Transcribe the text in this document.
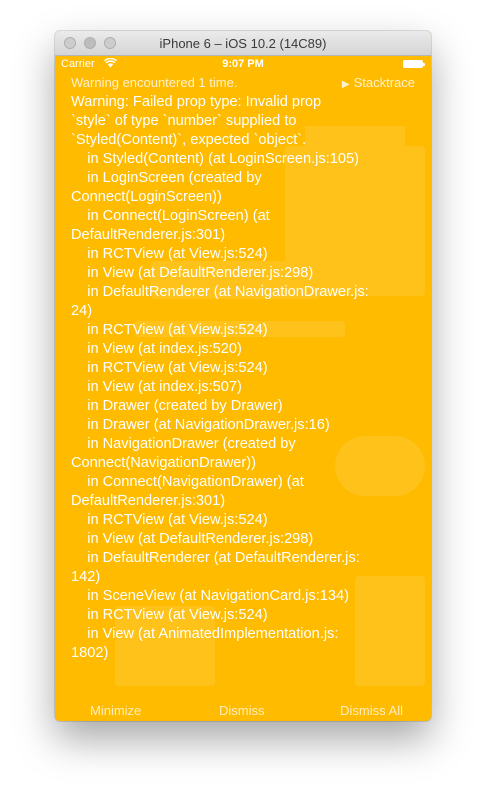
iPhone 6 – iOS 10.2 (14C89)
Carrier	9:07 PM
Warning encountered 1 time.	▶ Stacktrace
Warning: Failed prop type: Invalid prop
`style` of type `number` supplied to
`Styled(Content)`, expected `object`.
in Styled(Content) (at LoginScreen.js:105)
in LoginScreen (created by
Connect(LoginScreen))
in Connect(LoginScreen) (at
DefaultRenderer.js:301)
in RCTView (at View.js:524)
in View (at DefaultRenderer.js:298)
in DefaultRenderer (at NavigationDrawer.js:
24)
in RCTView (at View.js:524)
in View (at index.js:520)
in RCTView (at View.js:524)
in View (at index.js:507)
in Drawer (created by Drawer)
in Drawer (at NavigationDrawer.js:16)
in NavigationDrawer (created by
Connect(NavigationDrawer))
in Connect(NavigationDrawer) (at
DefaultRenderer.js:301)
in RCTView (at View.js:524)
in View (at DefaultRenderer.js:298)
in DefaultRenderer (at DefaultRenderer.js:
142)
in SceneView (at NavigationCard.js:134)
in RCTView (at View.js:524)
in View (at AnimatedImplementation.js:
1802)
Minimize	Dismiss	Dismiss All
